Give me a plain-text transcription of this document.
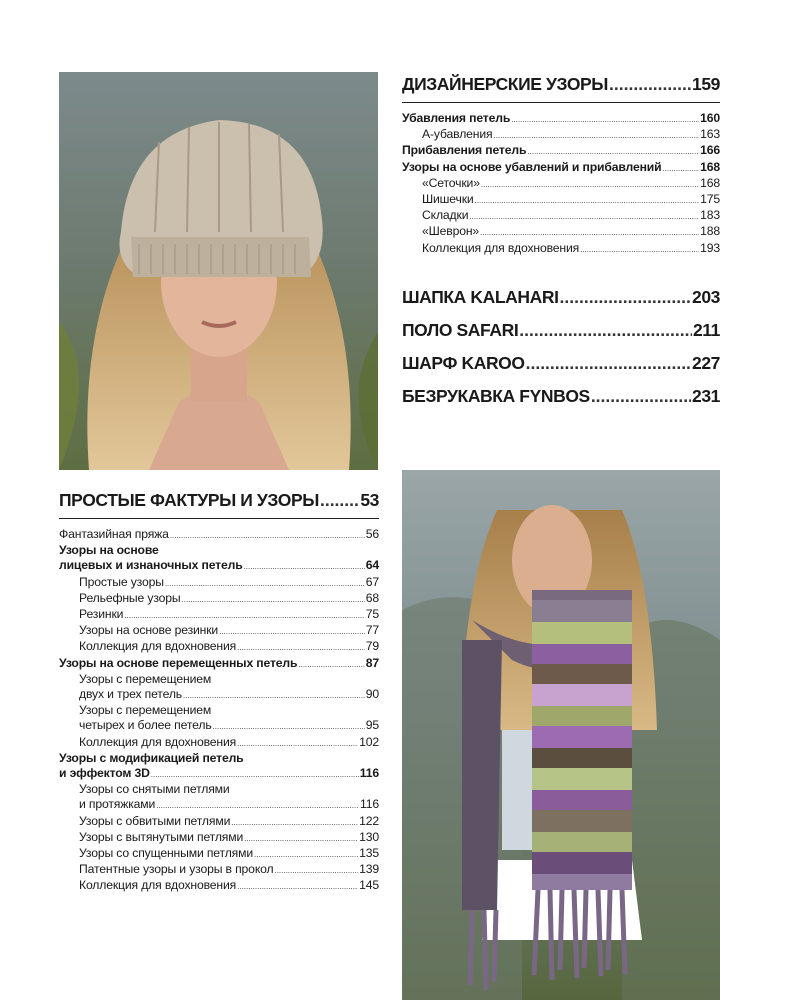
ДИЗАЙНЕРСКИЕ УЗОРЫ .....	159
Убавления петель .....	160
A-убавления .....	163
Прибавления петель .....	166
Узоры на основе убавлений и прибавлений .....	168
«Сеточки» .....	168
Шишечки .....	175
Складки .....	183
«Шеврон» .....	188
Коллекция для вдохновения .....	193
ШАПКА KALAHARI .....	203
ПОЛО SAFARI .....	211
ШАРФ KAROO .....	227
БЕЗРУКАВКА FYNBOS .....	231
ПРОСТЫЕ ФАКТУРЫ И УЗОРЫ ..... 53
Фантазийная пряжа .....	56
Узоры на основе
лицевых и изнаночных петель .....	64
Простые узоры .....	67
Рельефные узоры .....	68
Резинки .....	75
Узоры на основе резинки .....	77
Коллекция для вдохновения .....	79
Узоры на основе перемещенных петель .....	87
Узоры с перемещением
двух и трех петель .....	90
Узоры с перемещением
четырех и более петель .....	95
Коллекция для вдохновения .....	102
Узоры с модификацией петель
и эффектом 3D .....	116
Узоры со снятыми петлями
и протяжками .....	116
Узоры с обвитыми петлями .....	122
Узоры с вытянутыми петлями .....	130
Узоры со спущенными петлями .....	135
Патентные узоры и узоры в прокол .....	139
Коллекция для вдохновения .....	145
